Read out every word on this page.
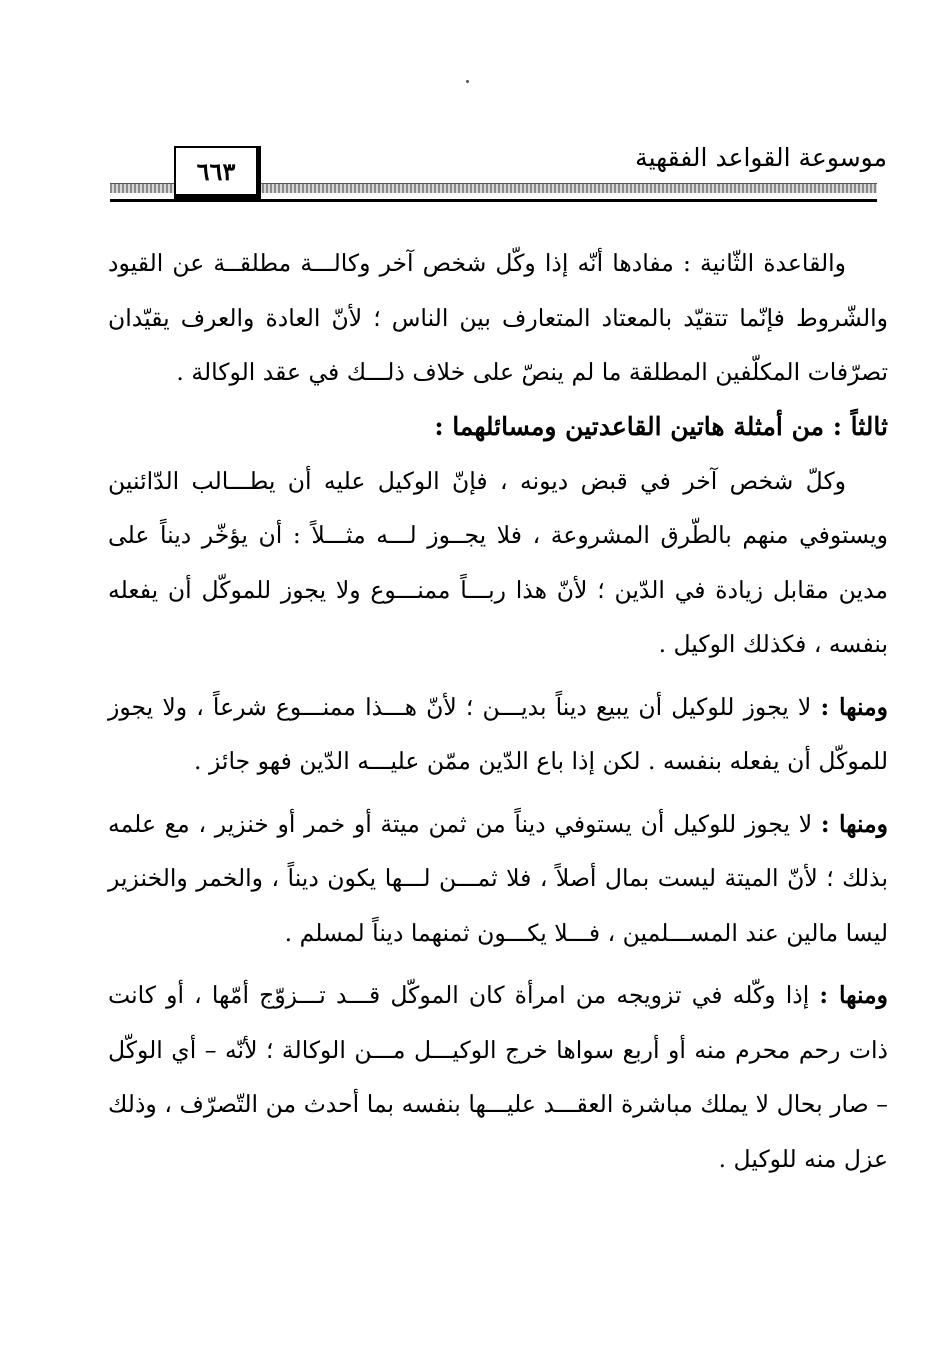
موسوعة القواعد الفقهية
٦٦٣

والقاعدة الثّانية : مفادها أنّه إذا وكّل شخص آخر وكالـــة مطلقــة عن القيود والشّروط فإنّما تتقيّد بالمعتاد المتعارف بين الناس ؛ لأنّ العادة والعرف يقيّدان تصرّفات المكلّفين المطلقة ما لم ينصّ على خلاف ذلـــك في عقد الوكالة .

ثالثاً : من أمثلة هاتين القاعدتين ومسائلهما :

وكلّ شخص آخر في قبض ديونه ، فإنّ الوكيل عليه أن يطـــالب الدّائنين ويستوفي منهم بالطّرق المشروعة ، فلا يجــوز لـــه مثـــلاً : أن يؤخّر ديناً على مدين مقابل زيادة في الدّين ؛ لأنّ هذا ربـــاً ممنـــوع ولا يجوز للموكّل أن يفعله بنفسه ، فكذلك الوكيل .

ومنها : لا يجوز للوكيل أن يبيع ديناً بديـــن ؛ لأنّ هـــذا ممنـــوع شرعاً ، ولا يجوز للموكّل أن يفعله بنفسه . لكن إذا باع الدّين ممّن عليـــه الدّين فهو جائز .

ومنها : لا يجوز للوكيل أن يستوفي ديناً من ثمن ميتة أو خمر أو خنزير ، مع علمه بذلك ؛ لأنّ الميتة ليست بمال أصلاً ، فلا ثمـــن لـــها يكون ديناً ، والخمر والخنزير ليسا مالين عند المســـلمين ، فـــلا يكـــون ثمنهما ديناً لمسلم .

ومنها : إذا وكّله في تزويجه من امرأة كان الموكّل قـــد تـــزوّج أمّها ، أو كانت ذات رحم محرم منه أو أربع سواها خرج الوكيـــل مـــن الوكالة ؛ لأنّه – أي الوكّل – صار بحال لا يملك مباشرة العقـــد عليـــها بنفسه بما أحدث من التّصرّف ، وذلك عزل منه للوكيل .
